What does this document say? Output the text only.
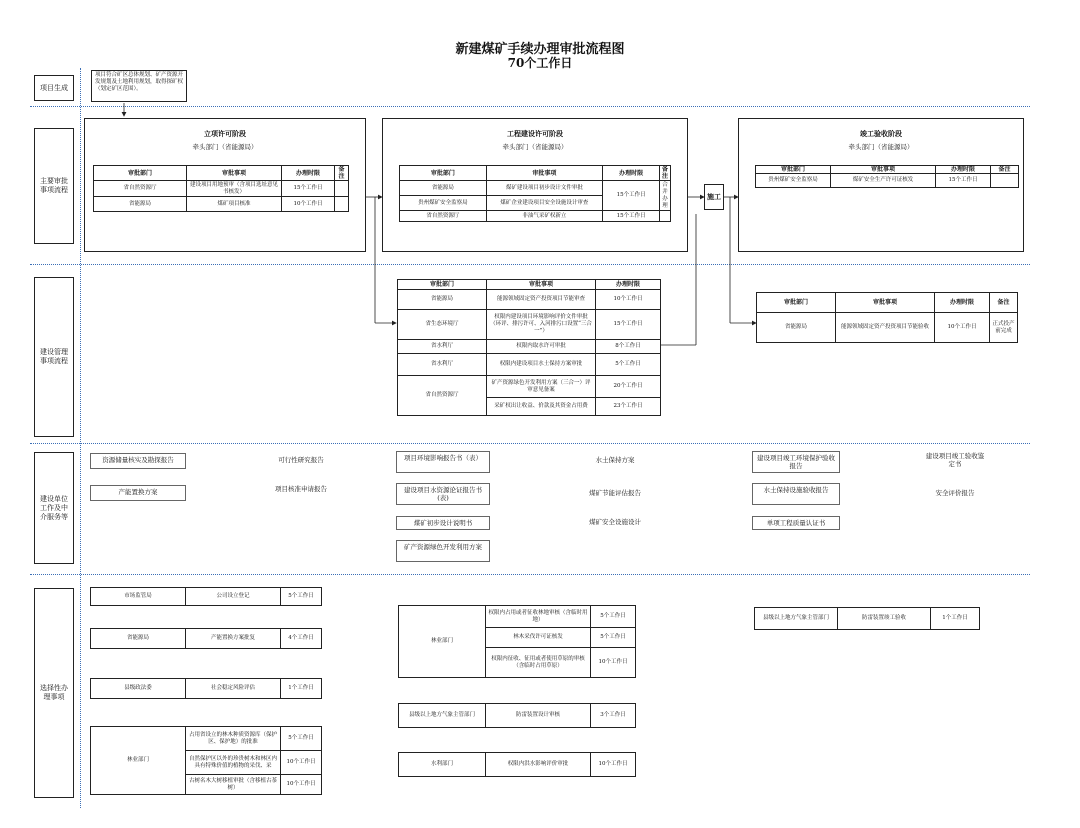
新建煤矿手续办理审批流程图
70个工作日
项目生成
主要审批事项流程
建设管理事项流程
建设单位工作及中介服务等
选择性办理事项
项目符合矿区总体规划、矿产资源开发规划及土地利用规划，取得探矿权（划定矿区范围）。
立项许可阶段
牵头部门（省能源局）
审批部门	审批事项	办理时限	备注
省自然资源厅	建设项目用地预审（含项目选址意见书核发）	15个工作日	
省能源局	煤矿项目核准	10个工作日	
工程建设许可阶段
牵头部门（省能源局）
审批部门	审批事项	办理时限	备注
省能源局	煤矿建设项目初步设计文件审批	15个工作日	合并办理
贵州煤矿安全监察局	煤矿企业建设项目安全设施设计审查		
省自然资源厅	非油气采矿权新立	15个工作日	
施工
竣工验收阶段
牵头部门（省能源局）
审批部门	审批事项	办理时限	备注
贵州煤矿安全监察局	煤矿安全生产许可证核发	15个工作日	
审批部门	审批事项	办理时限
省能源局	能源领域固定资产投资项目节能审查	10个工作日
省生态环境厅	权限内建设项目环境影响评价文件审批（环评、排污许可、入河排污口设置“三合一”）	15个工作日
省水利厅	权限内取水许可审批	8个工作日
省水利厅	权限内建设项目水土保持方案审批	5个工作日
省自然资源厅	矿产资源绿色开发利用方案（三合一）评审意见备案	20个工作日
	采矿权出让收益、价款及其资金占用费	23个工作日
审批部门	审批事项	办理时限	备注
省能源局	能源领域固定资产投资项目节能验收	10个工作日	正式投产前完成
资源储量核实及勘探报告	可行性研究报告
产能置换方案	项目核准申请报告
项目环境影响报告书（表）	水土保持方案
建设项目水资源论证报告书(表)
煤矿节能评估报告
煤矿初步设计说明书	煤矿安全设施设计
矿产资源绿色开发利用方案
建设项目竣工环境保护验收报告
建设项目竣工验收鉴定书
水土保持设施验收报告	安全评价报告
单项工程质量认证书
市场监管局	公司设立登记	5个工作日
省能源局	产能置换方案批复	4个工作日
县级政法委	社会稳定风险评估	1个工作日
林业部门	占用省设立的林木种质资源库（保护区、保护地）的批准	5个工作日
	自然保护区以外的珍贵树木和林区内具有特殊价值的植物的采伐、采	10个工作日
	古树名木大树移植审批（含移植古茶树）	10个工作日
林业部门	权限内占用或者征收林地审核（含临时用地）	5个工作日
	林木采伐许可证核发	5个工作日
	权限内征收、征用或者使用草原的审核（含临时占用草原）	10个工作日
县级以上地方气象主管部门	防雷装置设计审核	3个工作日
水利部门	权限内洪水影响评价审批	10个工作日
县级以上地方气象主管部门	防雷装置竣工验收	1个工作日
